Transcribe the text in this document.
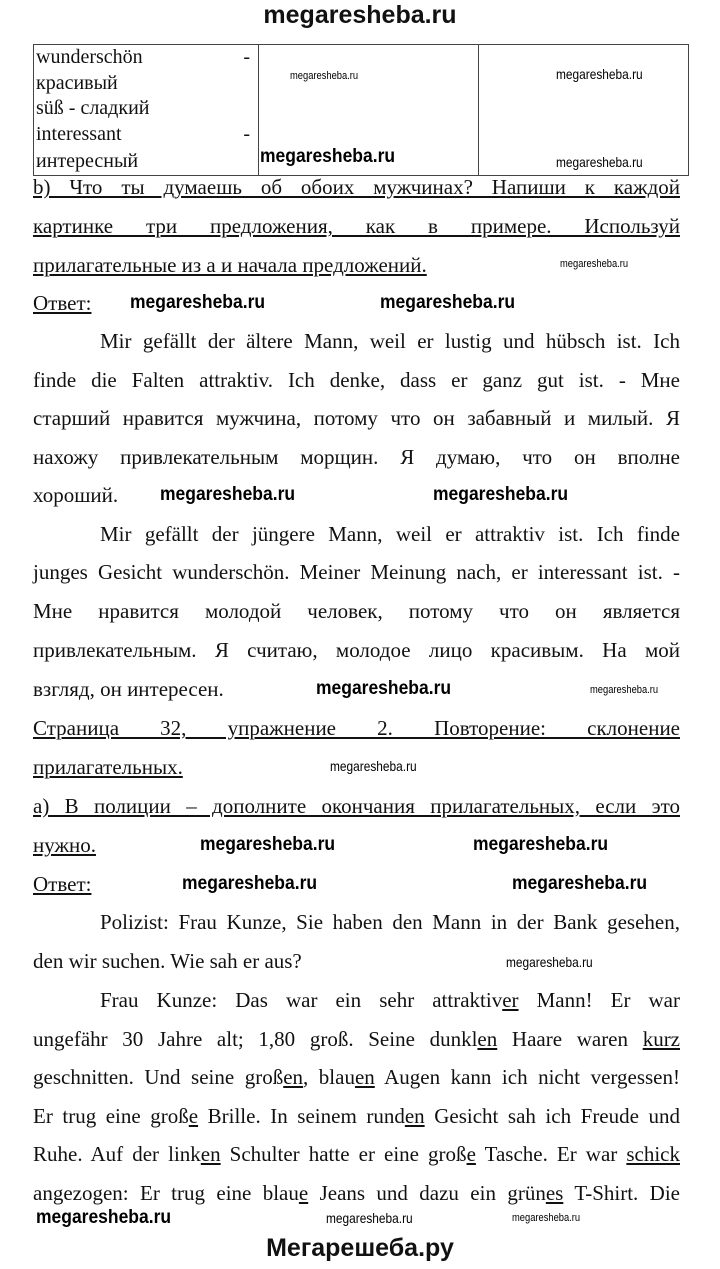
megaresheba.ru
wunderschön	-
красивый
süß - сладкий
interessant	-
интересный

b) Что ты думаешь об обоих мужчинах? Напиши к каждой
картинке три предложения, как в примере. Используй
прилагательные из а и начала предложений.
Ответ:
Mir gefällt der ältere Mann, weil er lustig und hübsch ist. Ich
finde die Falten attraktiv. Ich denke, dass er ganz gut ist. - Мне
старший нравится мужчина, потому что он забавный и милый. Я
нахожу привлекательным морщин. Я думаю, что он вполне
хороший.
Mir gefällt der jüngere Mann, weil er attraktiv ist. Ich finde
junges Gesicht wunderschön. Meiner Meinung nach, er interessant ist. -
Мне нравится молодой человек, потому что он является
привлекательным. Я считаю, молодое лицо красивым. На мой
взгляд, он интересен.
Страница 32, упражнение 2. Повторение: склонение
прилагательных.
a) В полиции – дополните окончания прилагательных, если это
нужно.
Ответ:
Polizist: Frau Kunze, Sie haben den Mann in der Bank gesehen,
den wir suchen. Wie sah er aus?
Frau Kunze: Das war ein sehr attraktiver Mann! Er war
ungefähr 30 Jahre alt; 1,80 groß. Seine dunklen Haare waren kurz
geschnitten. Und seine großen, blauen Augen kann ich nicht vergessen!
Er trug eine große Brille. In seinem runden Gesicht sah ich Freude und
Ruhe. Auf der linken Schulter hatte er eine große Tasche. Er war schick
angezogen: Er trug eine blaue Jeans und dazu ein grünes T-Shirt. Die
megaresheba.ru
megaresheba.ru
megaresheba.ru	megaresheba.ru
megaresheba.ru	megaresheba.ru
megaresheba.ru	megaresheba.ru
megaresheba.ru
megaresheba.ru
megaresheba.ru	megaresheba.ru
megaresheba.ru	megaresheba.ru
megaresheba.ru
megaresheba.ru
megaresheba.ru
megaresheba.ru
megaresheba.ru	megaresheba.ru
Мегарешеба.ру
